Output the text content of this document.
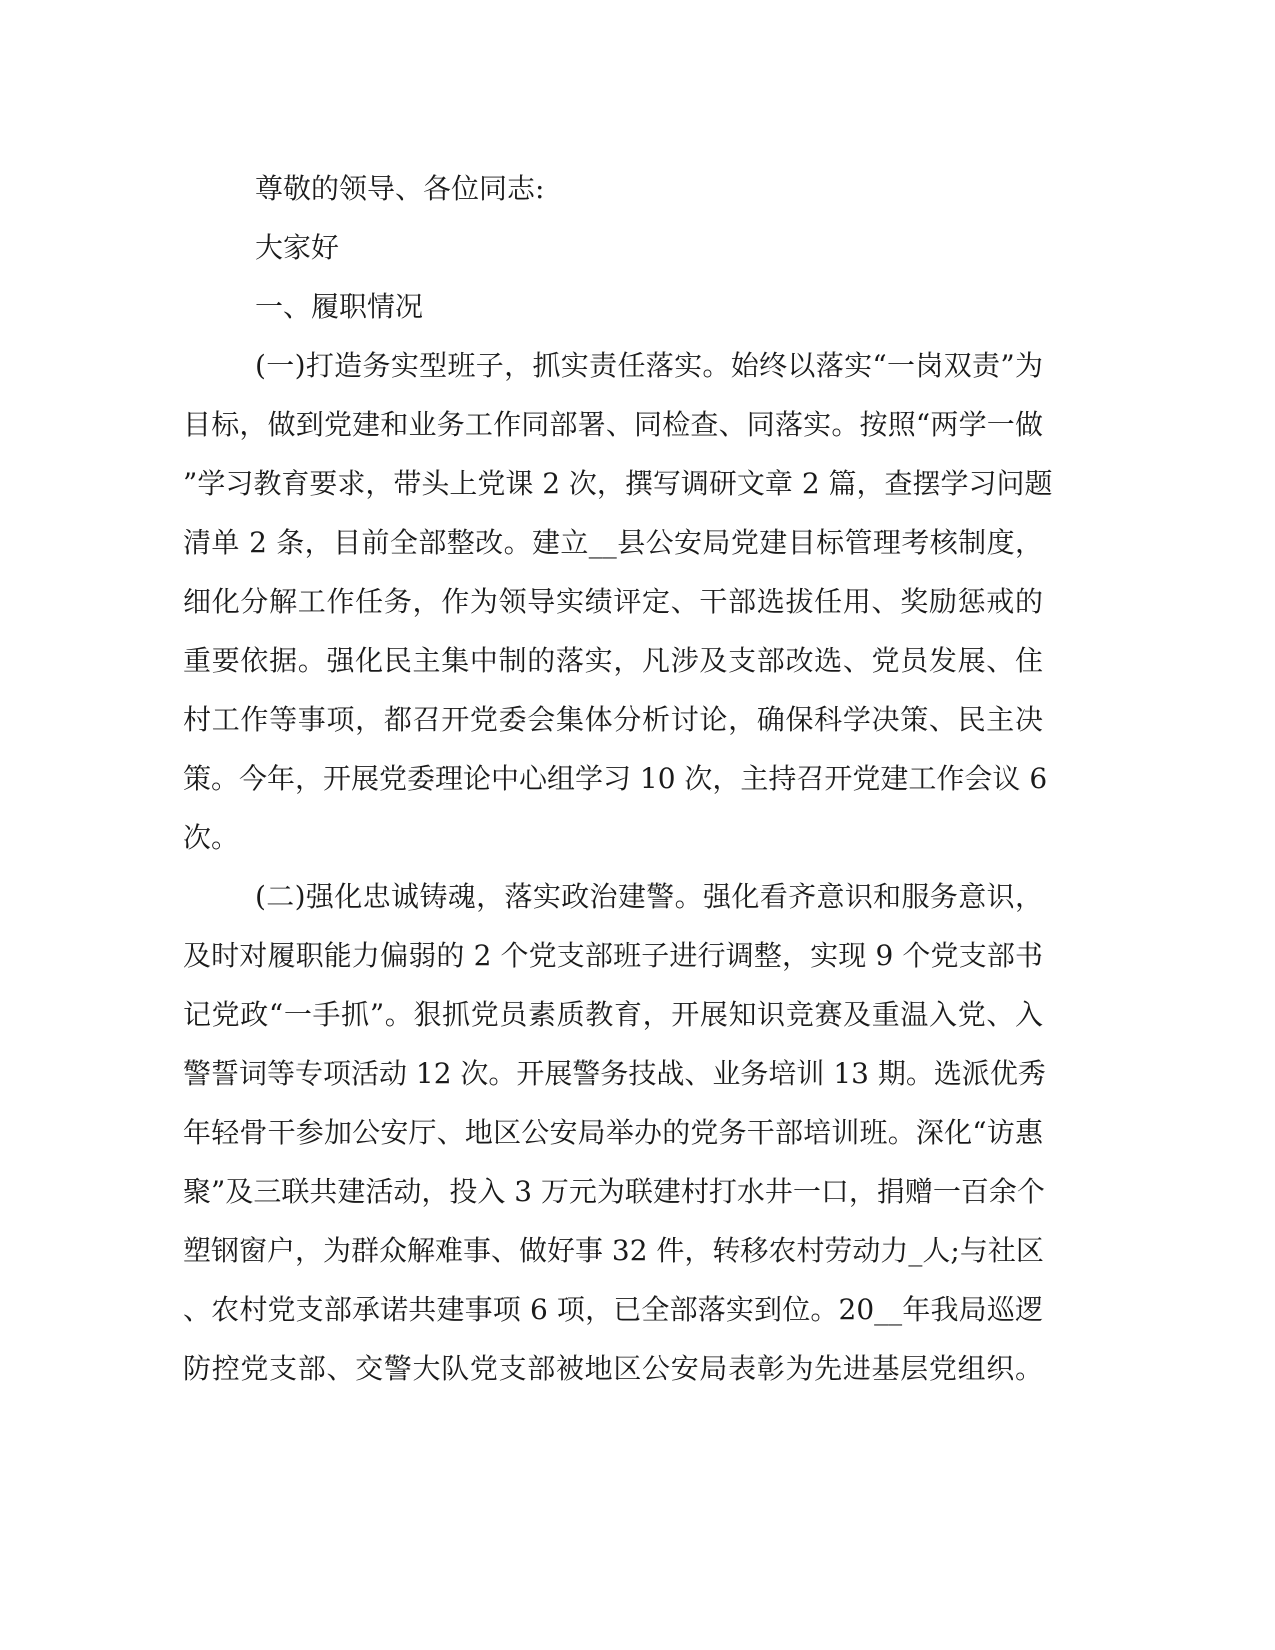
尊敬的领导、各位同志:
大家好
一、履职情况
(一)打造务实型班子，抓实责任落实。始终以落实“一岗双责”为
目标，做到党建和业务工作同部署、同检查、同落实。按照“两学一做
”学习教育要求，带头上党课 2 次，撰写调研文章 2 篇，查摆学习问题
清单 2 条，目前全部整改。建立__县公安局党建目标管理考核制度，
细化分解工作任务，作为领导实绩评定、干部选拔任用、奖励惩戒的
重要依据。强化民主集中制的落实，凡涉及支部改选、党员发展、住
村工作等事项，都召开党委会集体分析讨论，确保科学决策、民主决
策。今年，开展党委理论中心组学习 10 次，主持召开党建工作会议 6
次。
(二)强化忠诚铸魂，落实政治建警。强化看齐意识和服务意识，
及时对履职能力偏弱的 2 个党支部班子进行调整，实现 9 个党支部书
记党政“一手抓”。狠抓党员素质教育，开展知识竞赛及重温入党、入
警誓词等专项活动 12 次。开展警务技战、业务培训 13 期。选派优秀
年轻骨干参加公安厅、地区公安局举办的党务干部培训班。深化“访惠
聚”及三联共建活动，投入 3 万元为联建村打水井一口，捐赠一百余个
塑钢窗户，为群众解难事、做好事 32 件，转移农村劳动力_人;与社区
、农村党支部承诺共建事项 6 项，已全部落实到位。20__年我局巡逻
防控党支部、交警大队党支部被地区公安局表彰为先进基层党组织。
